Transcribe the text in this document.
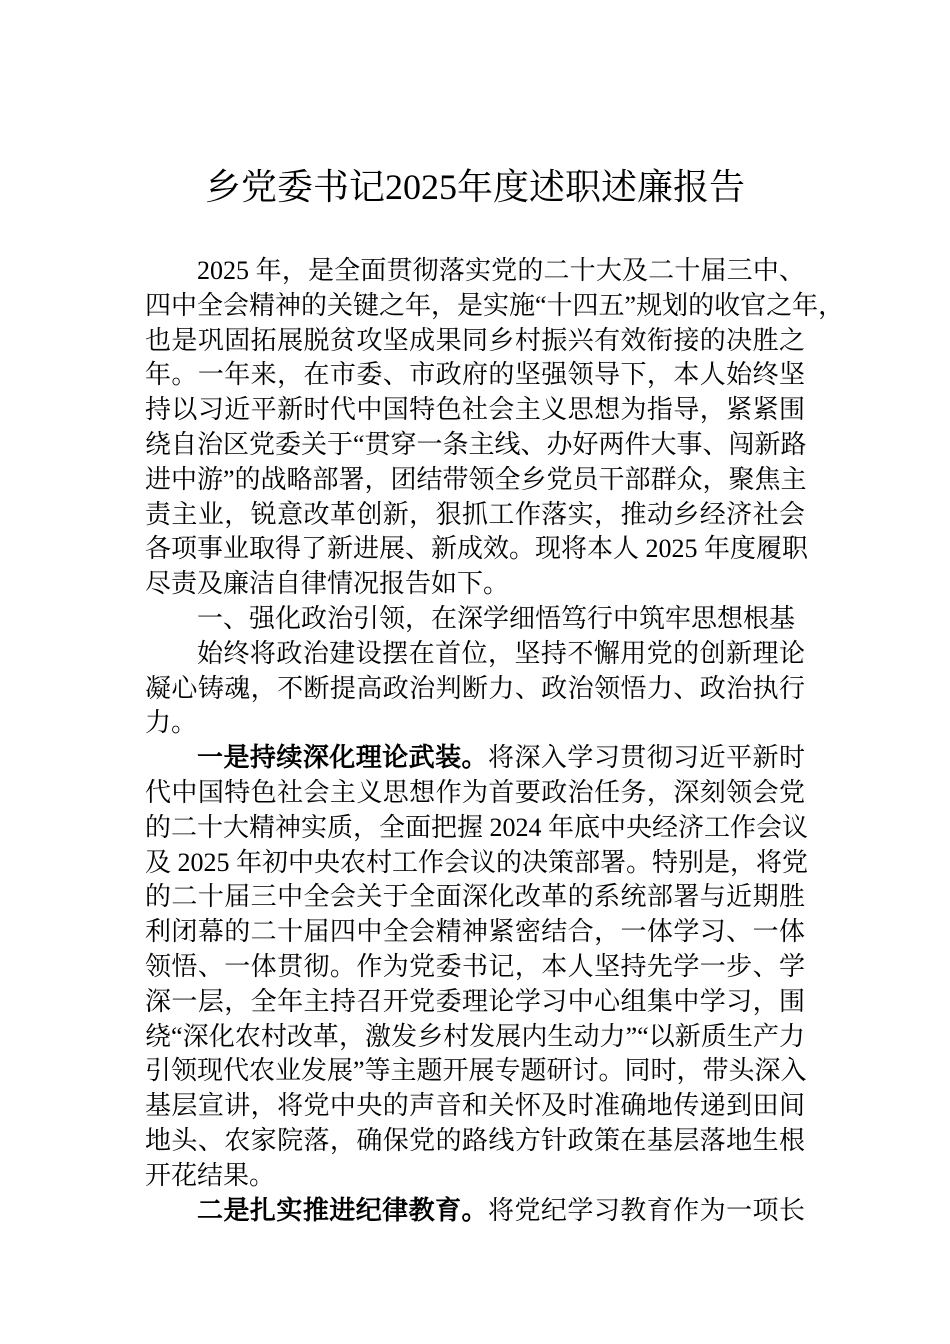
乡党委书记2025年度述职述廉报告
2025 年，是全面贯彻落实党的二十大及二十届三中、
四中全会精神的关键之年，是实施“十四五”规划的收官之年，
也是巩固拓展脱贫攻坚成果同乡村振兴有效衔接的决胜之
年。一年来，在市委、市政府的坚强领导下，本人始终坚
持以习近平新时代中国特色社会主义思想为指导，紧紧围
绕自治区党委关于“贯穿一条主线、办好两件大事、闯新路
进中游”的战略部署，团结带领全乡党员干部群众，聚焦主
责主业，锐意改革创新，狠抓工作落实，推动乡经济社会
各项事业取得了新进展、新成效。现将本人 2025 年度履职
尽责及廉洁自律情况报告如下。
一、强化政治引领，在深学细悟笃行中筑牢思想根基
始终将政治建设摆在首位，坚持不懈用党的创新理论
凝心铸魂，不断提高政治判断力、政治领悟力、政治执行
力。
一是持续深化理论武装。将深入学习贯彻习近平新时
代中国特色社会主义思想作为首要政治任务，深刻领会党
的二十大精神实质，全面把握 2024 年底中央经济工作会议
及 2025 年初中央农村工作会议的决策部署。特别是，将党
的二十届三中全会关于全面深化改革的系统部署与近期胜
利闭幕的二十届四中全会精神紧密结合，一体学习、一体
领悟、一体贯彻。作为党委书记，本人坚持先学一步、学
深一层，全年主持召开党委理论学习中心组集中学习，围
绕“深化农村改革，激发乡村发展内生动力”“以新质生产力
引领现代农业发展”等主题开展专题研讨。同时，带头深入
基层宣讲，将党中央的声音和关怀及时准确地传递到田间
地头、农家院落，确保党的路线方针政策在基层落地生根
开花结果。
二是扎实推进纪律教育。将党纪学习教育作为一项长
